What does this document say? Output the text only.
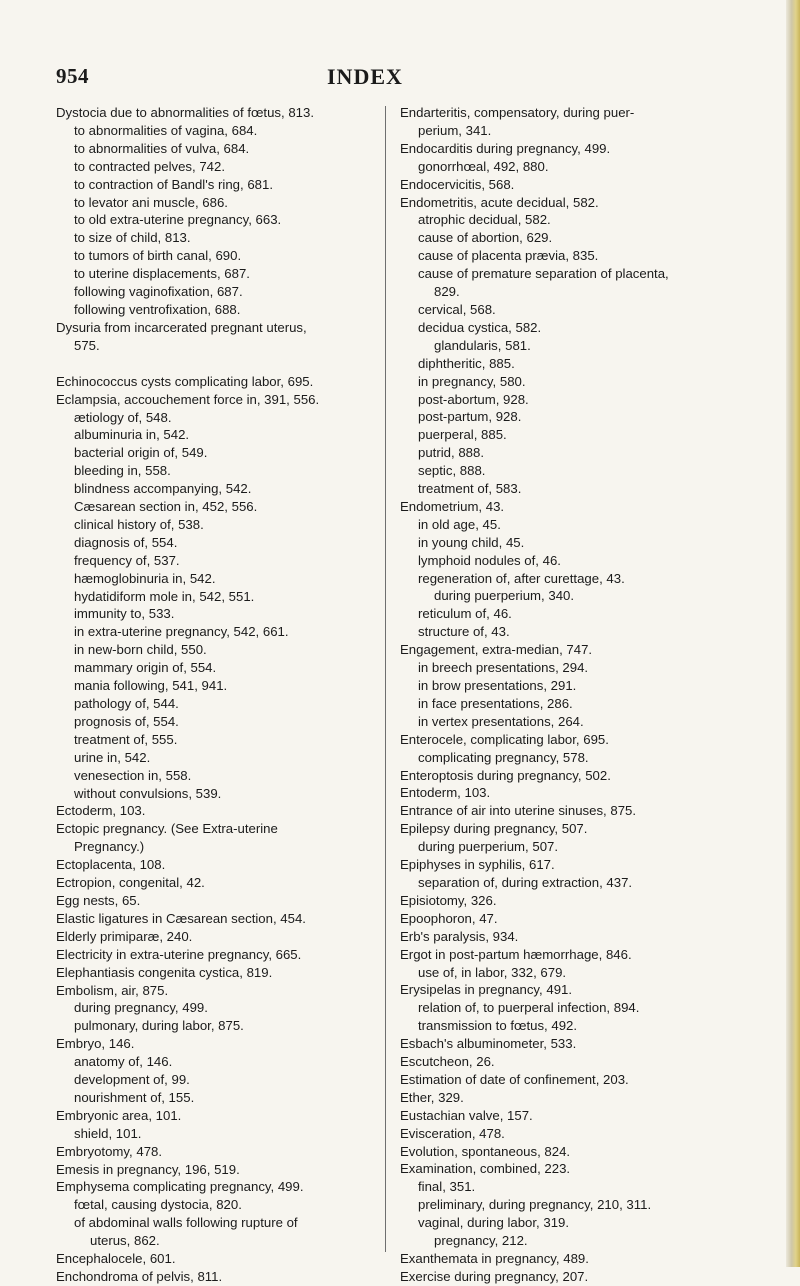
954	INDEX
Dystocia due to abnormalities of fœtus, 813.
to abnormalities of vagina, 684.
to abnormalities of vulva, 684.
to contracted pelves, 742.
to contraction of Bandl's ring, 681.
to levator ani muscle, 686.
to old extra-uterine pregnancy, 663.
to size of child, 813.
to tumors of birth canal, 690.
to uterine displacements, 687.
following vaginofixation, 687.
following ventrofixation, 688.
Dysuria from incarcerated pregnant uterus,
575.
Echinococcus cysts complicating labor, 695.
Eclampsia, accouchement force in, 391, 556.
ætiology of, 548.
albuminuria in, 542.
bacterial origin of, 549.
bleeding in, 558.
blindness accompanying, 542.
Cæsarean section in, 452, 556.
clinical history of, 538.
diagnosis of, 554.
frequency of, 537.
hæmoglobinuria in, 542.
hydatidiform mole in, 542, 551.
immunity to, 533.
in extra-uterine pregnancy, 542, 661.
in new-born child, 550.
mammary origin of, 554.
mania following, 541, 941.
pathology of, 544.
prognosis of, 554.
treatment of, 555.
urine in, 542.
venesection in, 558.
without convulsions, 539.
Ectoderm, 103.
Ectopic pregnancy. (See Extra-uterine
Pregnancy.)
Ectoplacenta, 108.
Ectropion, congenital, 42.
Egg nests, 65.
Elastic ligatures in Cæsarean section, 454.
Elderly primiparæ, 240.
Electricity in extra-uterine pregnancy, 665.
Elephantiasis congenita cystica, 819.
Embolism, air, 875.
during pregnancy, 499.
pulmonary, during labor, 875.
Embryo, 146.
anatomy of, 146.
development of, 99.
nourishment of, 155.
Embryonic area, 101.
shield, 101.
Embryotomy, 478.
Emesis in pregnancy, 196, 519.
Emphysema complicating pregnancy, 499.
fœtal, causing dystocia, 820.
of abdominal walls following rupture of
uterus, 862.
Encephalocele, 601.
Enchondroma of pelvis, 811.
Endarteritis, compensatory, during puer-
perium, 341.
Endocarditis during pregnancy, 499.
gonorrhœal, 492, 880.
Endocervicitis, 568.
Endometritis, acute decidual, 582.
atrophic decidual, 582.
cause of abortion, 629.
cause of placenta prævia, 835.
cause of premature separation of placenta,
829.
cervical, 568.
decidua cystica, 582.
glandularis, 581.
diphtheritic, 885.
in pregnancy, 580.
post-abortum, 928.
post-partum, 928.
puerperal, 885.
putrid, 888.
septic, 888.
treatment of, 583.
Endometrium, 43.
in old age, 45.
in young child, 45.
lymphoid nodules of, 46.
regeneration of, after curettage, 43.
during puerperium, 340.
reticulum of, 46.
structure of, 43.
Engagement, extra-median, 747.
in breech presentations, 294.
in brow presentations, 291.
in face presentations, 286.
in vertex presentations, 264.
Enterocele, complicating labor, 695.
complicating pregnancy, 578.
Enteroptosis during pregnancy, 502.
Entoderm, 103.
Entrance of air into uterine sinuses, 875.
Epilepsy during pregnancy, 507.
during puerperium, 507.
Epiphyses in syphilis, 617.
separation of, during extraction, 437.
Episiotomy, 326.
Epoophoron, 47.
Erb's paralysis, 934.
Ergot in post-partum hæmorrhage, 846.
use of, in labor, 332, 679.
Erysipelas in pregnancy, 491.
relation of, to puerperal infection, 894.
transmission to fœtus, 492.
Esbach's albuminometer, 533.
Escutcheon, 26.
Estimation of date of confinement, 203.
Ether, 329.
Eustachian valve, 157.
Evisceration, 478.
Evolution, spontaneous, 824.
Examination, combined, 223.
final, 351.
preliminary, during pregnancy, 210, 311.
vaginal, during labor, 319.
pregnancy, 212.
Exanthemata in pregnancy, 489.
Exercise during pregnancy, 207.
